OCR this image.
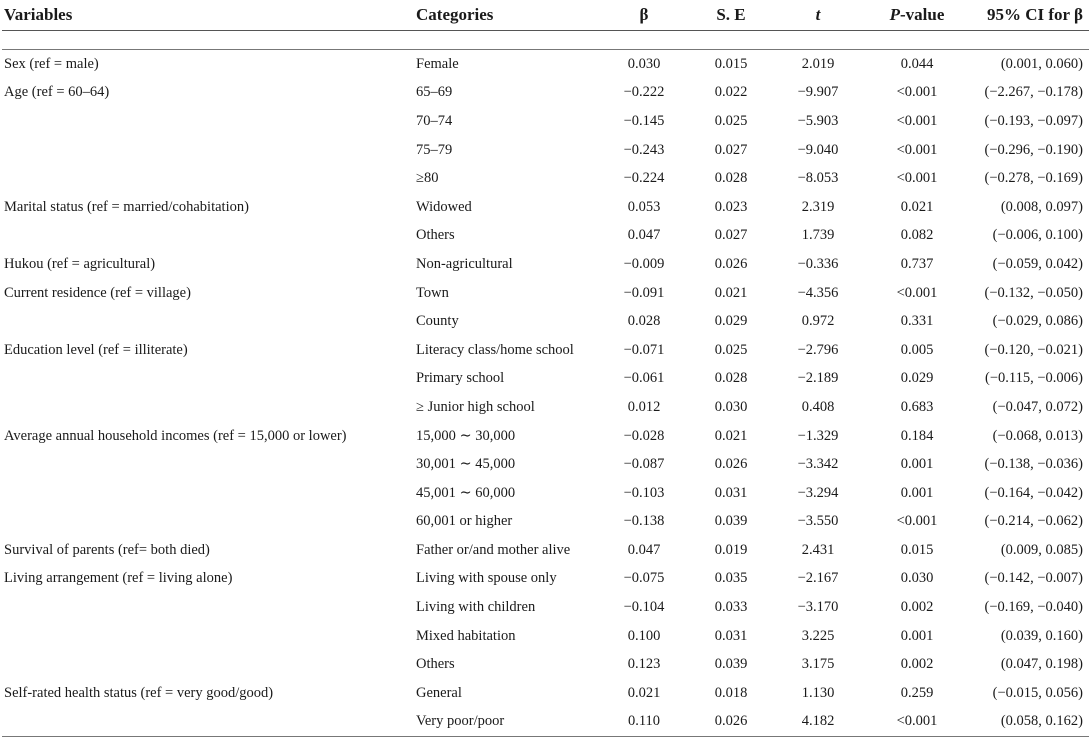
Variables	Categories	β	S. E	t	P-value	95% CI for β

Sex (ref = male)	Female	0.030	0.015	2.019	0.044	(0.001, 0.060)
Age (ref = 60–64)	65–69	−0.222	0.022	−9.907	<0.001	(−2.267, −0.178)
	70–74	−0.145	0.025	−5.903	<0.001	(−0.193, −0.097)
	75–79	−0.243	0.027	−9.040	<0.001	(−0.296, −0.190)
	≥80	−0.224	0.028	−8.053	<0.001	(−0.278, −0.169)
Marital status (ref = married/cohabitation)	Widowed	0.053	0.023	2.319	0.021	(0.008, 0.097)
	Others	0.047	0.027	1.739	0.082	(−0.006, 0.100)
Hukou (ref = agricultural)	Non-agricultural	−0.009	0.026	−0.336	0.737	(−0.059, 0.042)
Current residence (ref = village)	Town	−0.091	0.021	−4.356	<0.001	(−0.132, −0.050)
	County	0.028	0.029	0.972	0.331	(−0.029, 0.086)
Education level (ref = illiterate)	Literacy class/home school	−0.071	0.025	−2.796	0.005	(−0.120, −0.021)
	Primary school	−0.061	0.028	−2.189	0.029	(−0.115, −0.006)
	≥ Junior high school	0.012	0.030	0.408	0.683	(−0.047, 0.072)
Average annual household incomes (ref = 15,000 or lower)	15,000 ∼ 30,000	−0.028	0.021	−1.329	0.184	(−0.068, 0.013)
	30,001 ∼ 45,000	−0.087	0.026	−3.342	0.001	(−0.138, −0.036)
	45,001 ∼ 60,000	−0.103	0.031	−3.294	0.001	(−0.164, −0.042)
	60,001 or higher	−0.138	0.039	−3.550	<0.001	(−0.214, −0.062)
Survival of parents (ref= both died)	Father or/and mother alive	0.047	0.019	2.431	0.015	(0.009, 0.085)
Living arrangement (ref = living alone)	Living with spouse only	−0.075	0.035	−2.167	0.030	(−0.142, −0.007)
	Living with children	−0.104	0.033	−3.170	0.002	(−0.169, −0.040)
	Mixed habitation	0.100	0.031	3.225	0.001	(0.039, 0.160)
	Others	0.123	0.039	3.175	0.002	(0.047, 0.198)
Self-rated health status (ref = very good/good)	General	0.021	0.018	1.130	0.259	(−0.015, 0.056)
	Very poor/poor	0.110	0.026	4.182	<0.001	(0.058, 0.162)
